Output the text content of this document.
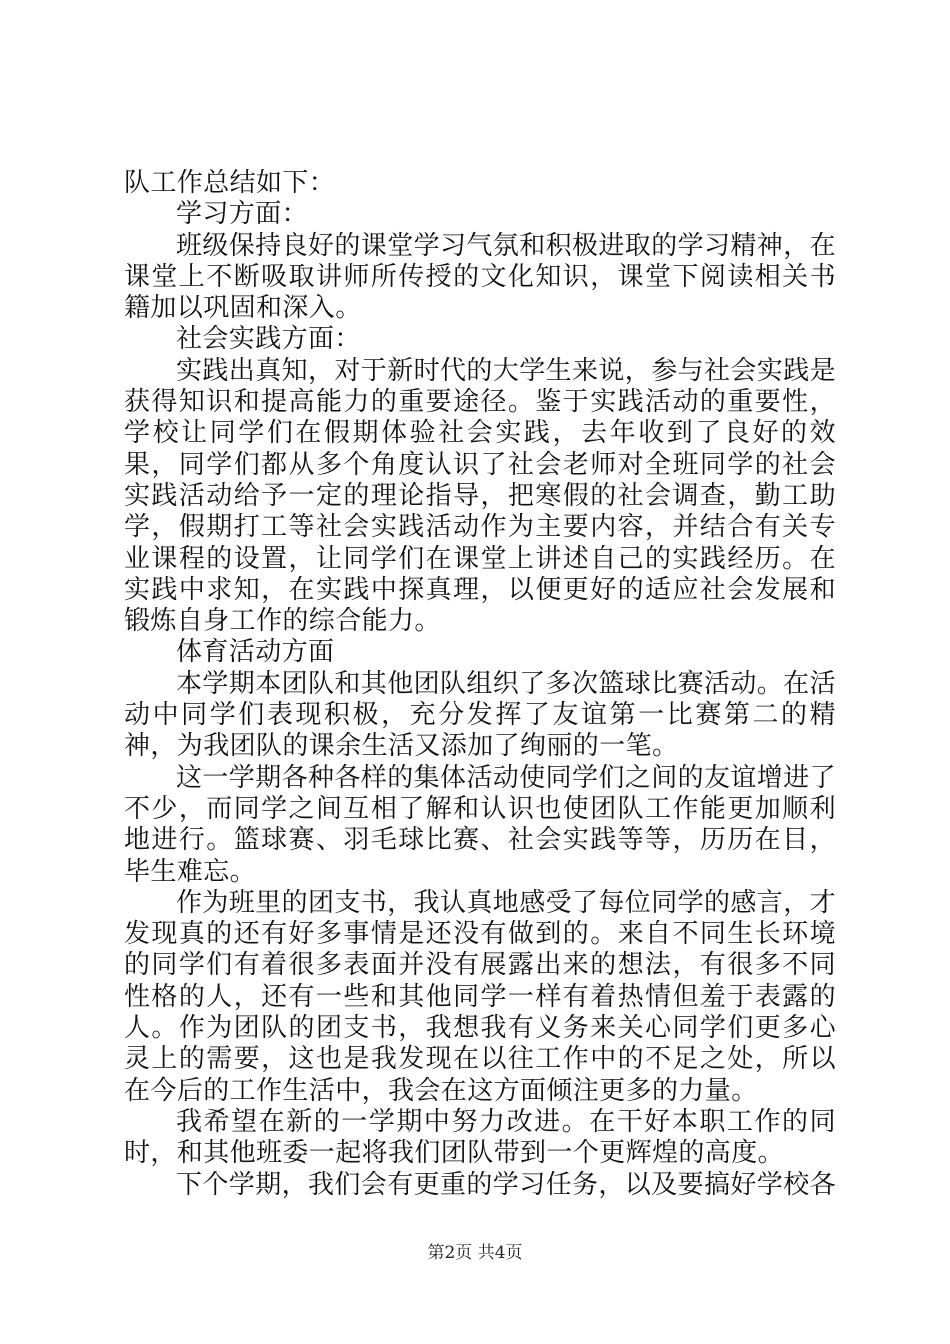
队工作总结如下：

学习方面：

班级保持良好的课堂学习气氛和积极进取的学习精神，在课堂上不断吸取讲师所传授的文化知识，课堂下阅读相关书籍加以巩固和深入。

社会实践方面：

实践出真知，对于新时代的大学生来说，参与社会实践是获得知识和提高能力的重要途径。鉴于实践活动的重要性，学校让同学们在假期体验社会实践，去年收到了良好的效果，同学们都从多个角度认识了社会老师对全班同学的社会实践活动给予一定的理论指导，把寒假的社会调查，勤工助学，假期打工等社会实践活动作为主要内容，并结合有关专业课程的设置，让同学们在课堂上讲述自己的实践经历。在实践中求知，在实践中探真理，以便更好的适应社会发展和锻炼自身工作的综合能力。

体育活动方面

本学期本团队和其他团队组织了多次篮球比赛活动。在活动中同学们表现积极，充分发挥了友谊第一比赛第二的精神，为我团队的课余生活又添加了绚丽的一笔。

这一学期各种各样的集体活动使同学们之间的友谊增进了不少，而同学之间互相了解和认识也使团队工作能更加顺利地进行。篮球赛、羽毛球比赛、社会实践等等，历历在目，毕生难忘。

作为班里的团支书，我认真地感受了每位同学的感言，才发现真的还有好多事情是还没有做到的。来自不同生长环境的同学们有着很多表面并没有展露出来的想法，有很多不同性格的人，还有一些和其他同学一样有着热情但羞于表露的人。作为团队的团支书，我想我有义务来关心同学们更多心灵上的需要，这也是我发现在以往工作中的不足之处，所以在今后的工作生活中，我会在这方面倾注更多的力量。

我希望在新的一学期中努力改进。在干好本职工作的同时，和其他班委一起将我们团队带到一个更辉煌的高度。

下个学期，我们会有更重的学习任务，以及要搞好学校各

第2页 共4页
